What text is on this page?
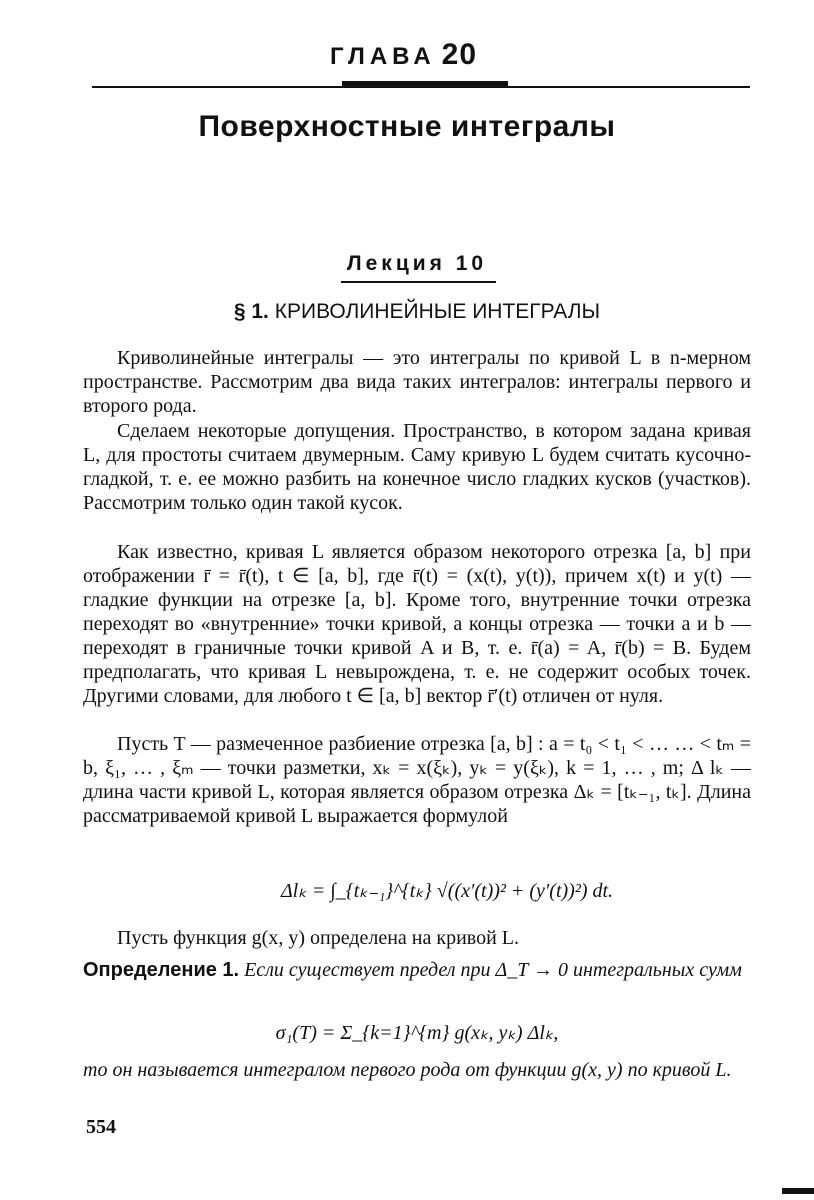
ГЛАВА 20
Поверхностные интегралы
Лекция 10
§ 1. КРИВОЛИНЕЙНЫЕ ИНТЕГРАЛЫ

Криволинейные интегралы — это интегралы по кривой L в n-мерном пространстве. Рассмотрим два вида таких интегралов: интегралы первого и второго рода.

Сделаем некоторые допущения. Пространство, в котором задана кривая L, для простоты считаем двумерным. Саму кривую L будем считать кусочно-гладкой, т. е. ее можно разбить на конечное число гладких кусков (участков). Рассмотрим только один такой кусок.

Как известно, кривая L является образом некоторого отрезка [a, b] при отображении r̄ = r̄(t), t ∈ [a, b], где r̄(t) = (x(t), y(t)), причем x(t) и y(t) — гладкие функции на отрезке [a, b]. Кроме того, внутренние точки отрезка переходят во «внутренние» точки кривой, а концы отрезка — точки a и b — переходят в граничные точки кривой A и B, т. е. r̄(a) = A, r̄(b) = B. Будем предполагать, что кривая L невырождена, т. е. не содержит особых точек. Другими словами, для любого t ∈ [a, b] вектор r̄′(t) отличен от нуля.

Пусть T — размеченное разбиение отрезка [a, b] : a = t₀ < t₁ < … … < tₘ = b, ξ₁, … , ξₘ — точки разметки, xₖ = x(ξₖ), yₖ = y(ξₖ), k = 1, … , m; Δ lₖ — длина части кривой L, которая является образом отрезка Δₖ = [tₖ₋₁, tₖ]. Длина рассматриваемой кривой L выражается формулой

Δlₖ = ∫_{tₖ₋₁}^{tₖ} √((x′(t))² + (y′(t))²) dt.

Пусть функция g(x, y) определена на кривой L.

Определение 1. Если существует предел при Δ_T → 0 интегральных сумм

σ₁(T) = Σ_{k=1}^{m} g(xₖ, yₖ) Δlₖ,

то он называется интегралом первого рода от функции g(x, y) по кривой L.

554
